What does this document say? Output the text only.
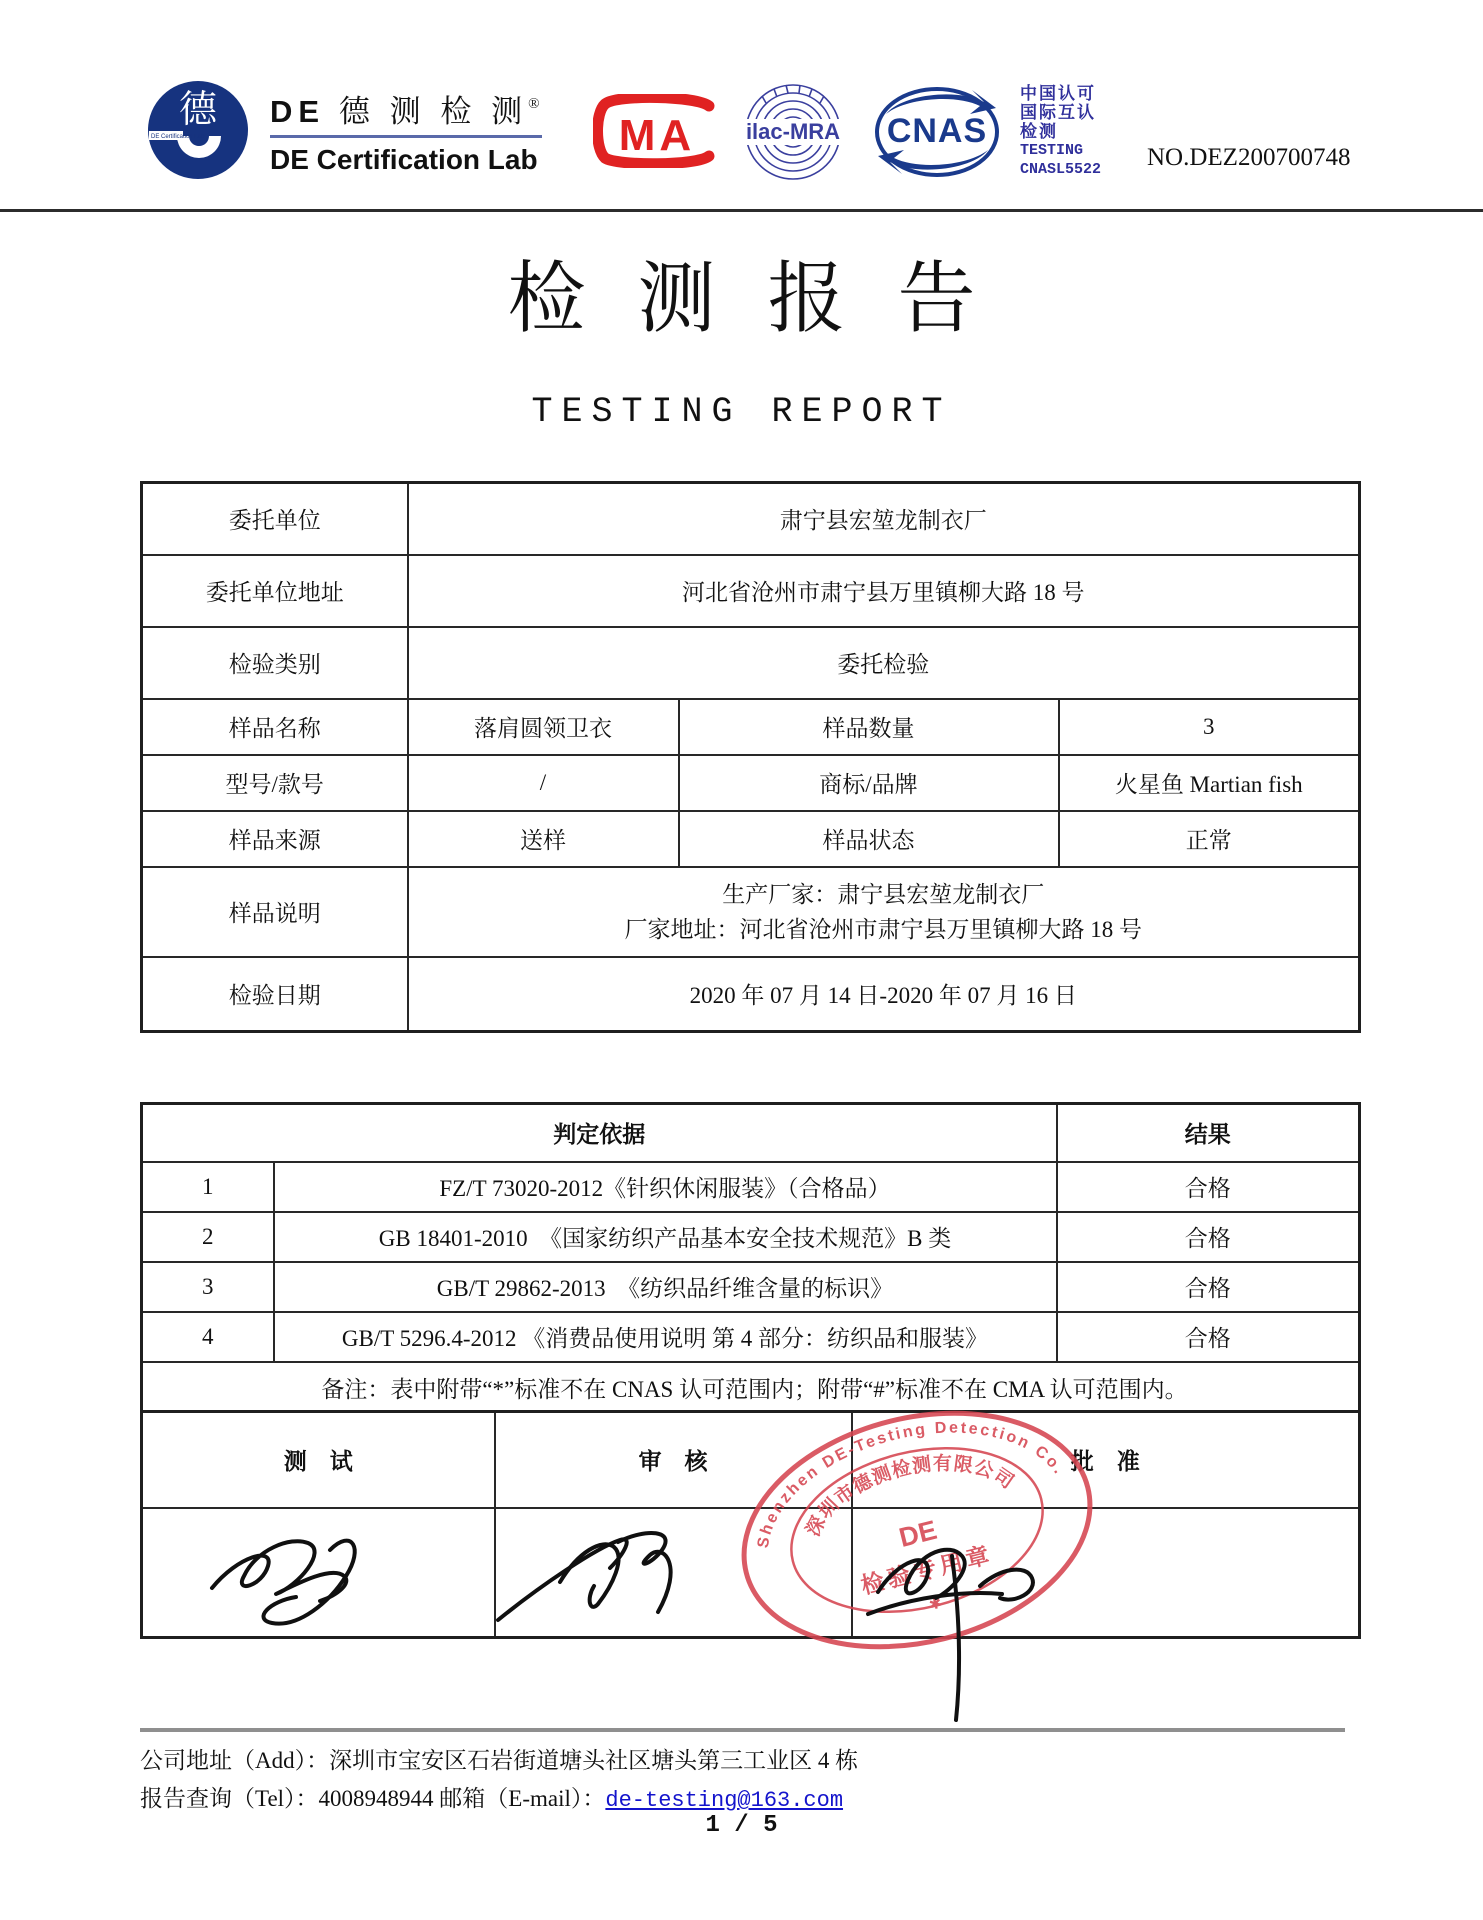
德
DE Certification Lab
DE 德 测 检 测®
DE Certification Lab	MA ilac-MRA CNAS
中国认可
国际互认
检测
TESTING
CNASL5522 NO.DEZ200700748
检测报告
TESTING REPORT
委托单位	肃宁县宏堃龙制衣厂		
委托单位地址	河北省沧州市肃宁县万里镇柳大路 18 号		
检验类别	委托检验		
样品名称	落肩圆领卫衣	样品数量	3
型号/款号	/	商标/品牌	火星鱼 Martian fish
样品来源	送样	样品状态	正常
样品说明	生产厂家：肃宁县宏堃龙制衣厂
厂家地址：河北省沧州市肃宁县万里镇柳大路 18 号		

检验日期	2020 年 07 月 14 日-2020 年 07 月 16 日		
判定依据		结果
1	FZ/T 73020-2012《针织休闲服装》（合格品）	合格
2	GB 18401-2010  《国家纺织产品基本安全技术规范》B 类	合格
3	GB/T 29862-2013  《纺织品纤维含量的标识》	合格
4	GB/T 5296.4-2012 《消费品使用说明 第 4 部分：纺织品和服装》	合格
备注：表中附带“*”标准不在 CNAS 认可范围内；附带“#”标准不在 CMA 认可范围内。		
测　试	审　核	批　准

Shenzhen DE-Testing Detection Co.
深圳市德测检测有限公司
DE
检验专用章
✱
公司地址（Add）：深圳市宝安区石岩街道塘头社区塘头第三工业区 4 栋
报告查询（Tel）：4008948944 邮箱（E-mail）：de-testing@163.com
1 / 5
